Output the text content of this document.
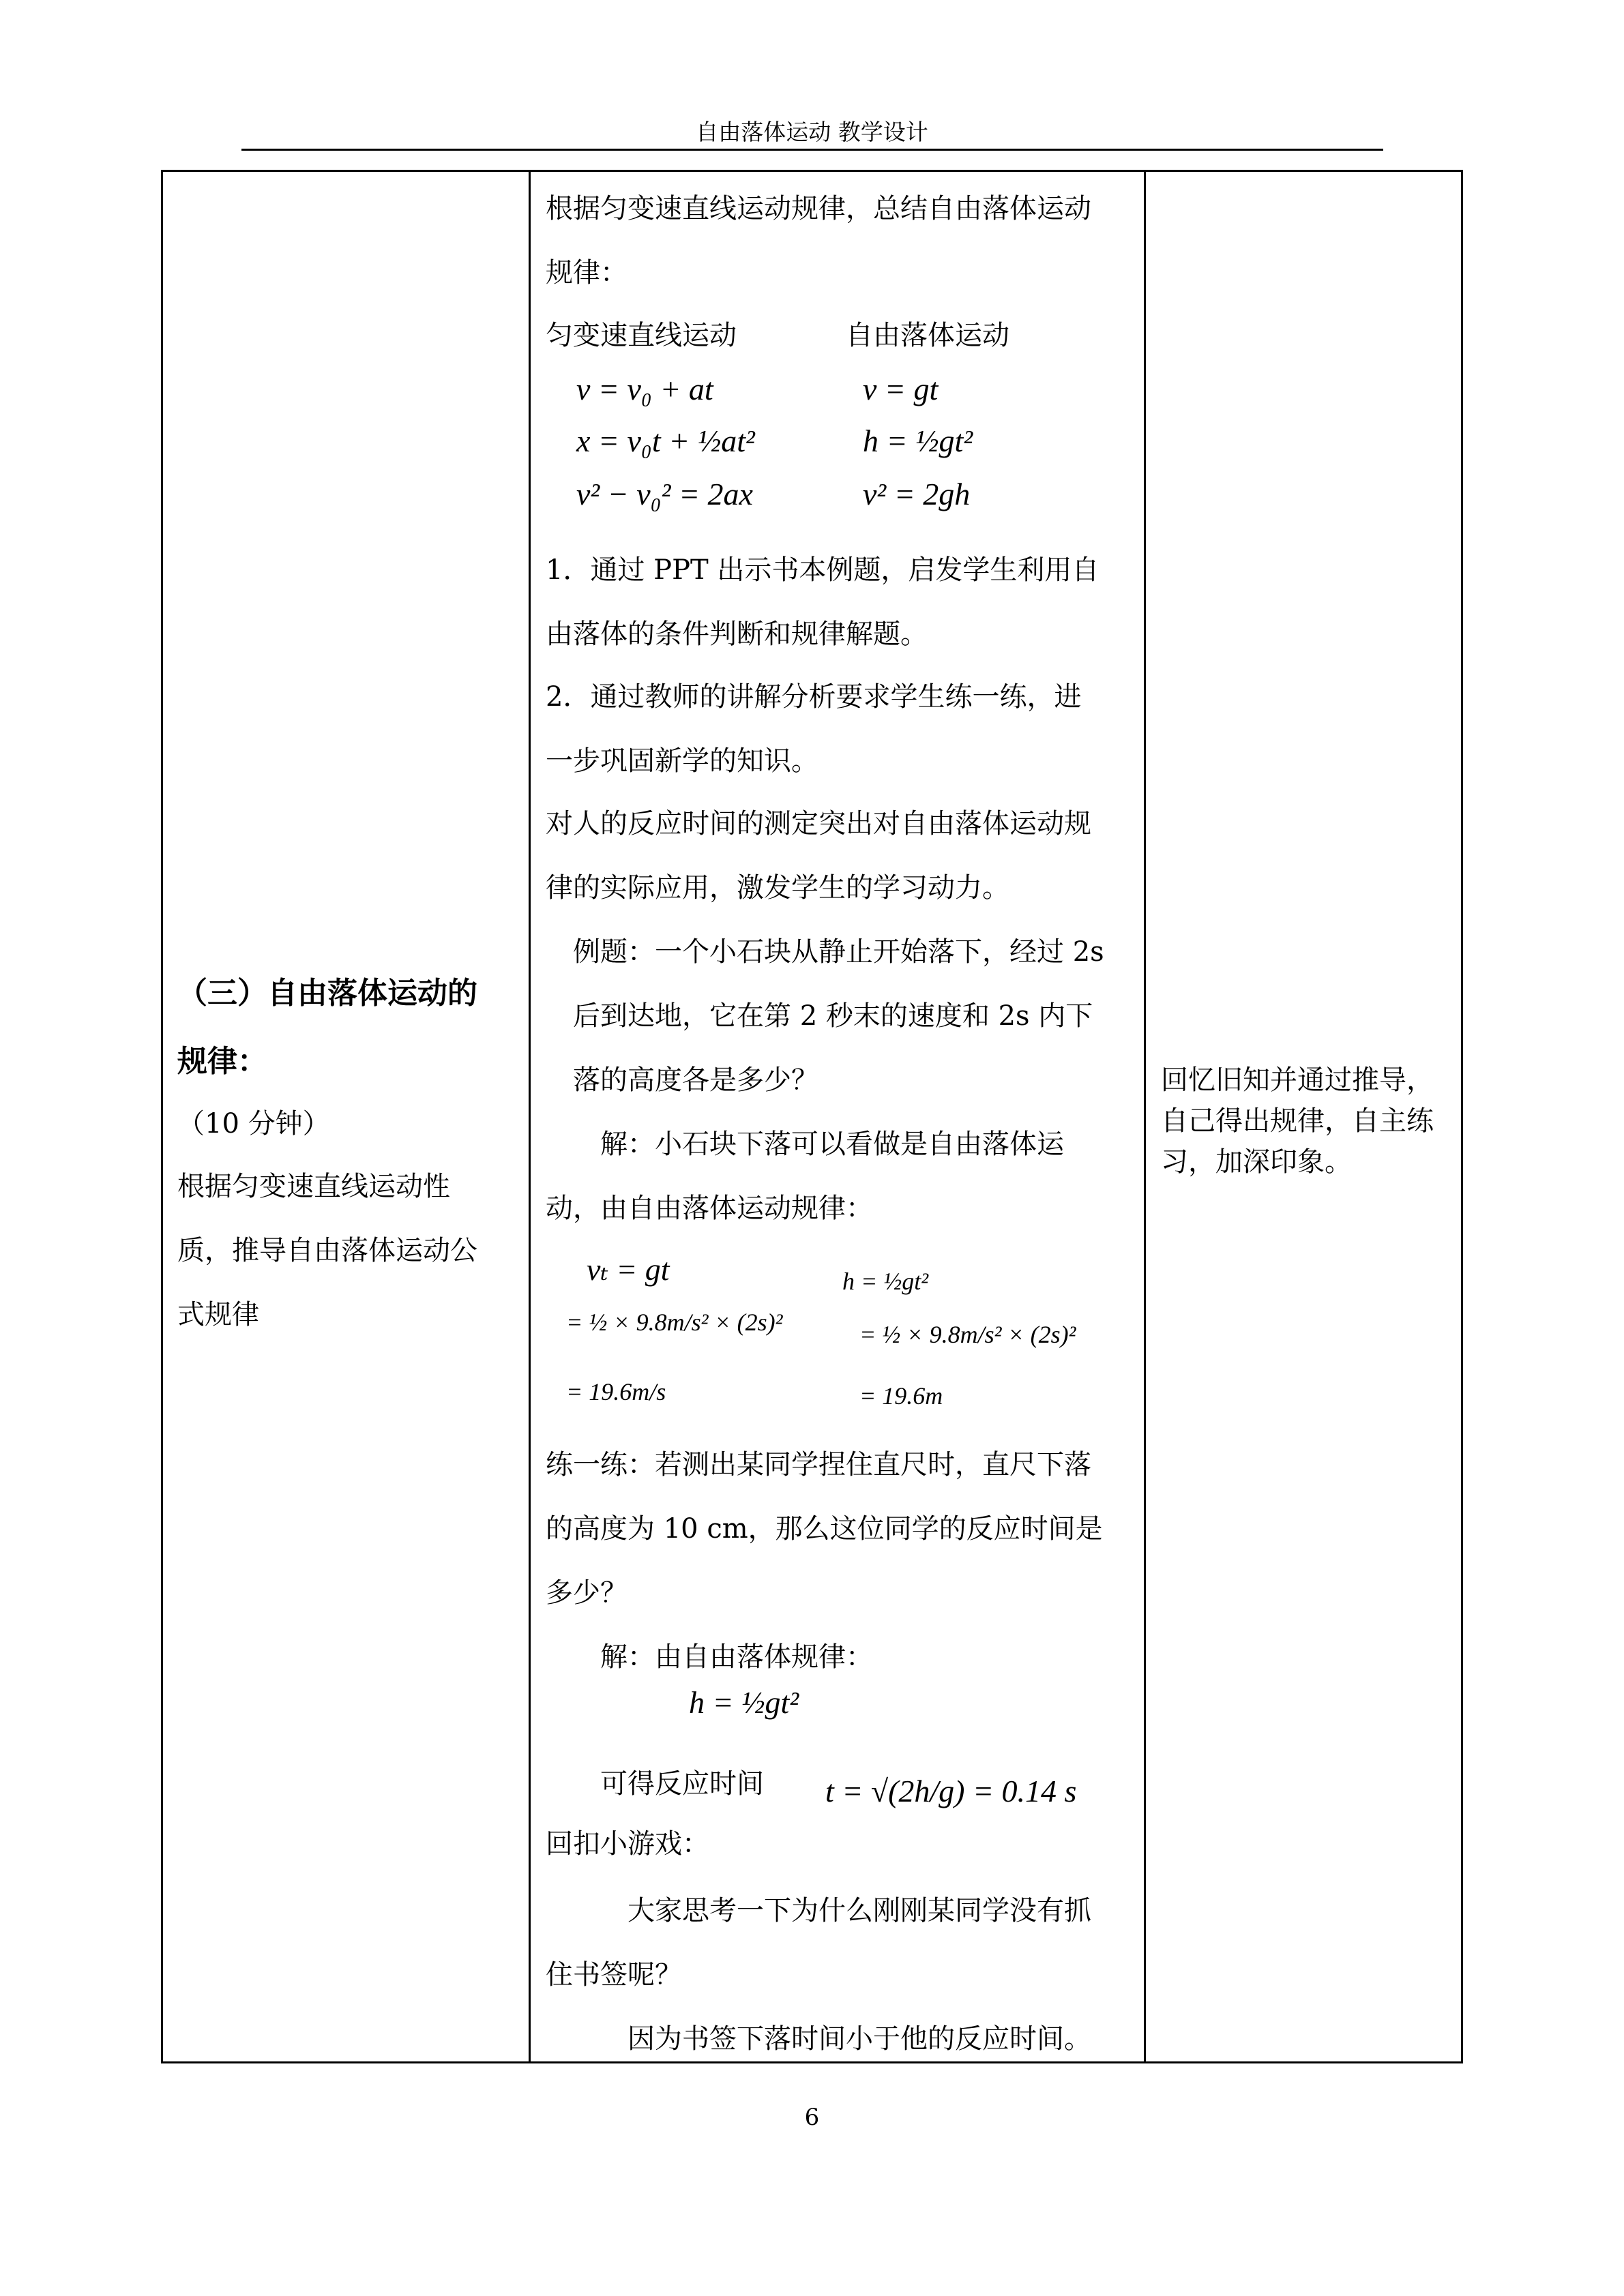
自由落体运动 教学设计
（三）自由落体运动的
规律：
（10 分钟）
根据匀变速直线运动性
质，推导自由落体运动公
式规律
根据匀变速直线运动规律，总结自由落体运动
规律：
匀变速直线运动	自由落体运动
v = v₀ + at
x = v₀t + ½at²
v² − v₀² = 2ax
v = gt
h = ½gt²
v² = 2gh
1．通过 PPT 出示书本例题，启发学生利用自
由落体的条件判断和规律解题。
2．通过教师的讲解分析要求学生练一练，进
一步巩固新学的知识。
对人的反应时间的测定突出对自由落体运动规
律的实际应用，激发学生的学习动力。
例题：一个小石块从静止开始落下，经过 2s
后到达地，它在第 2 秒末的速度和 2s 内下
落的高度各是多少？
解：小石块下落可以看做是自由落体运
动，由自由落体运动规律：
vₜ = gt
= ½ × 9.8m/s² × (2s)²
= 19.6m/s
h = ½gt²
= ½ × 9.8m/s² × (2s)²
= 19.6m
练一练：若测出某同学捏住直尺时，直尺下落
的高度为 10 cm，那么这位同学的反应时间是
多少？
解：由自由落体规律：
h = ½gt²
可得反应时间 t = √(2h/g) = 0.14 s
回扣小游戏：
大家思考一下为什么刚刚某同学没有抓
住书签呢？
因为书签下落时间小于他的反应时间。
回忆旧知并通过推导，
自己得出规律，自主练
习，加深印象。
6
